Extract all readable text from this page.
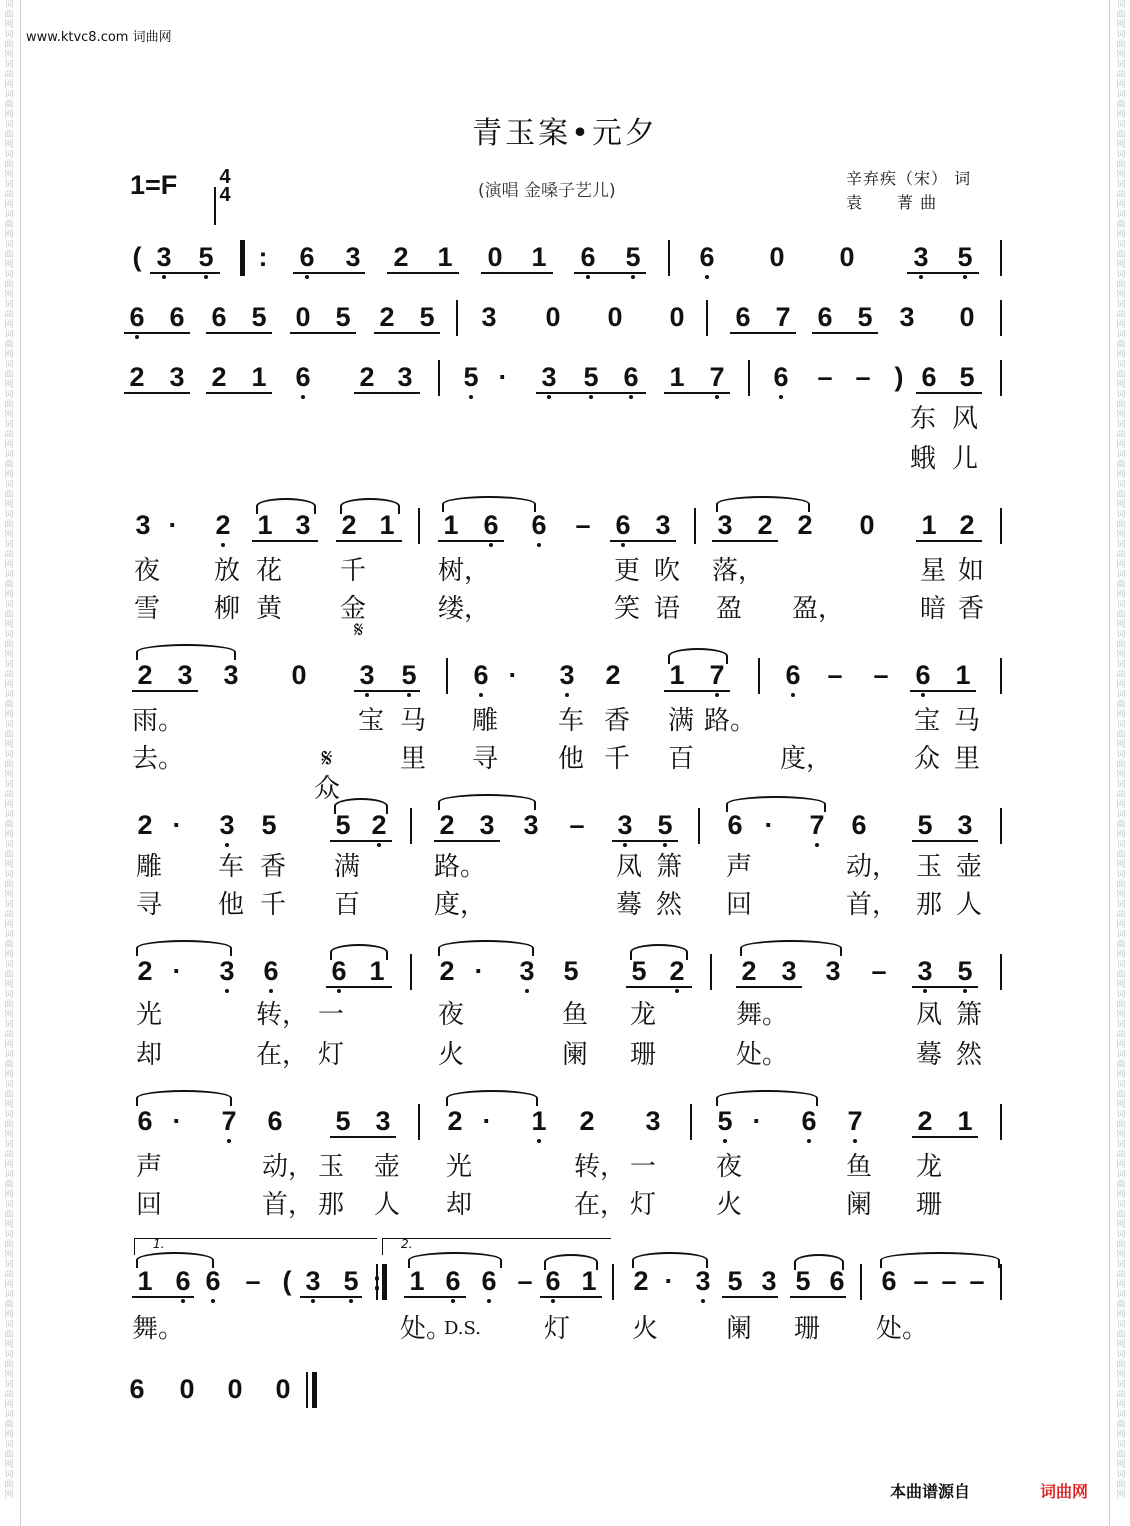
词曲网词曲网词曲网词曲网词曲网词曲网词曲网词曲网词曲网词曲网词曲网词曲网词曲网词曲网词曲网词曲网词曲网词曲网词曲网词曲网词曲网词曲网词曲网词曲网词曲网词曲网词曲网词曲网词曲网词曲网词曲网词曲网词曲网词曲网词曲网词曲网词曲网词曲网词曲网词曲网词曲网词曲网词曲网词曲网词曲网词曲网词曲网词曲网词曲网词曲网
词曲网词曲网词曲网词曲网词曲网词曲网词曲网词曲网词曲网词曲网词曲网词曲网词曲网词曲网词曲网词曲网词曲网词曲网词曲网词曲网词曲网词曲网词曲网词曲网词曲网词曲网词曲网词曲网词曲网词曲网词曲网词曲网词曲网词曲网词曲网词曲网词曲网词曲网词曲网词曲网词曲网词曲网词曲网词曲网词曲网词曲网词曲网词曲网词曲网词曲网
www.ktvc8.com 词曲网
青玉案•元夕
1=F 4
4	(演唱 金嗓子艺儿)
辛弃疾（宋） 词
袁　　菁 曲
( 3 5	:	6 3 2 1 0 1 6 5 6 0 0 3 5
6 6 6 5 0 5 2 5 3 0 0 0 6 7 6 5 3 0
2 3 2 1 6 2 3 5 ·	3 5 6 1 7 6 – – ) 6 5
东 风
蛾 儿
3 ·	2 1 3 2 1 1 6 6 – 6 3 3 2 2 0 1 2
夜 放 花 千	树，	更 吹 落，	星 如
雪 柳 黄 金	缕，	笑 语 盈 盈，	暗 香
𝄋
2 3 3 0 3 5 6 ·	3 2 1 7 6 – – 6 1
雨。	宝 马 雕 车 香 满 路。	宝 马
去。	𝄋众
里 寻 他 千 百	度，	众 里
2 ·	3 5 5 2 2 3 3 – 3 5 6 ·	7 6 5 3
雕 车 香 满	路。	凤 箫 声	动， 玉 壶
寻 他 千 百	度，	蓦 然 回	首， 那 人
2 ·	3 6 6 1 2 ·	3 5 5 2 2 3 3 – 3 5
光	转， 一	夜	鱼 龙	舞。	凤 箫
却	在， 灯	火	阑 珊	处。	蓦 然
6 ·	7 6 5 3 2 ·	1 2 3 5 ·	6 7 2 1
声	动， 玉 壶 光	转， 一 夜	鱼 龙
回	首， 那 人 却	在， 灯 火	阑 珊
1.	2.
1 6 6 – ( 3 5 :	1 6 6 – 6 1 2 · 3 5 3 5 6 6 – – –
舞。	处。
D.S. 灯 火	阑 珊 处。
6 0 0 0
本曲谱源自	词曲网
